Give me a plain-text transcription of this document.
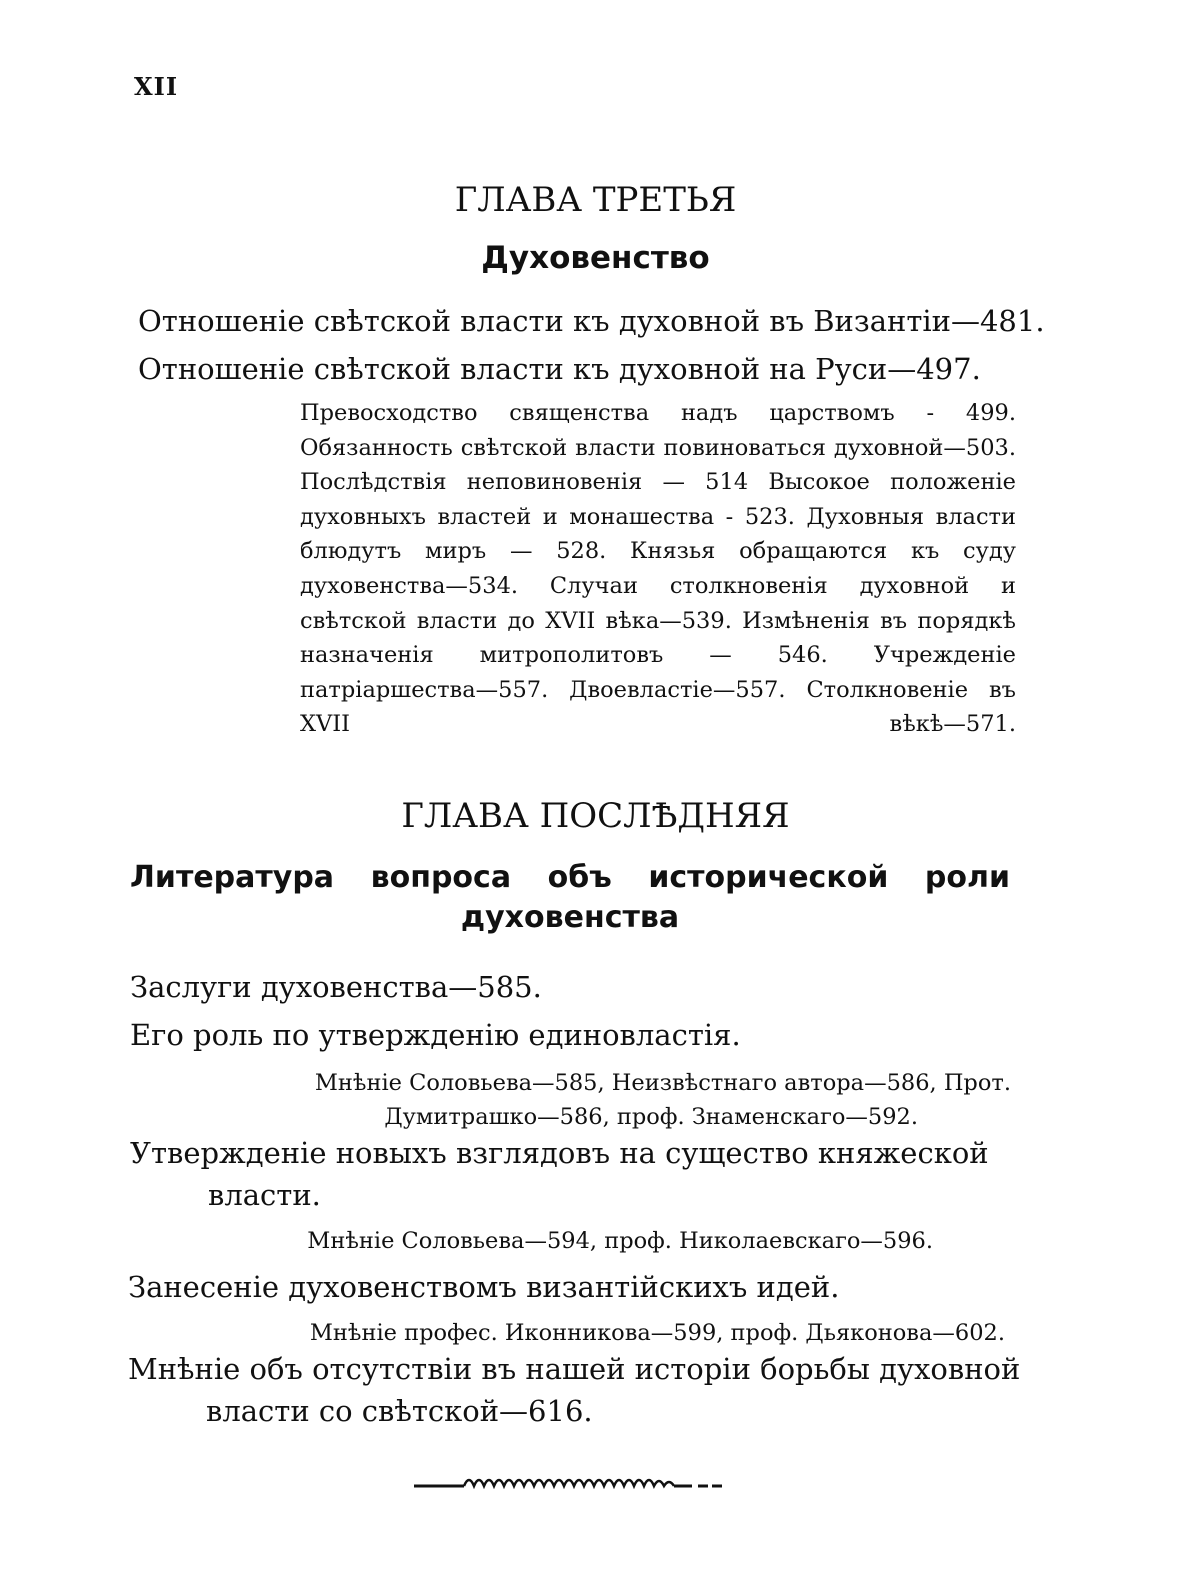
XII
ГЛАВА ТРЕТЬЯ
Духовенство
Отношеніе свѣтской власти къ духовной въ Византіи—481.
Отношеніе свѣтской власти къ духовной на Руси—497.
Превосходство священства надъ царствомъ - 499. Обязанность свѣтской власти повиноваться духовной—503. Послѣдствія неповиновенія — 514 Высокое положеніе духовныхъ властей и монашества - 523. Духовныя власти блюдутъ миръ — 528. Князья обращаются къ суду духовенства—534. Случаи столкновенія духовной и свѣтской власти до XVII вѣка—539. Измѣненія въ порядкѣ назначенія митрополитовъ — 546. Учрежденіе патріаршества—557. Двоевластіе—557. Столкновеніе въ XVII вѣкѣ—571.
ГЛАВА ПОСЛѢДНЯЯ
Литература вопроса объ исторической роли духовенства
Заслуги духовенства—585.
Его роль по утвержденію единовластія.
Мнѣніе Соловьева—585, Неизвѣстнаго автора—586, Прот.
Думитрашко—586, проф. Знаменскаго—592.
Утвержденіе новыхъ взглядовъ на существо княжеской
власти.
Мнѣніе Соловьева—594, проф. Николаевскаго—596.
Занесеніе духовенствомъ византійскихъ идей.
Мнѣніе профес. Иконникова—599, проф. Дьяконова—602.
Мнѣніе объ отсутствіи въ нашей исторіи борьбы духовной
власти со свѣтской—616.
